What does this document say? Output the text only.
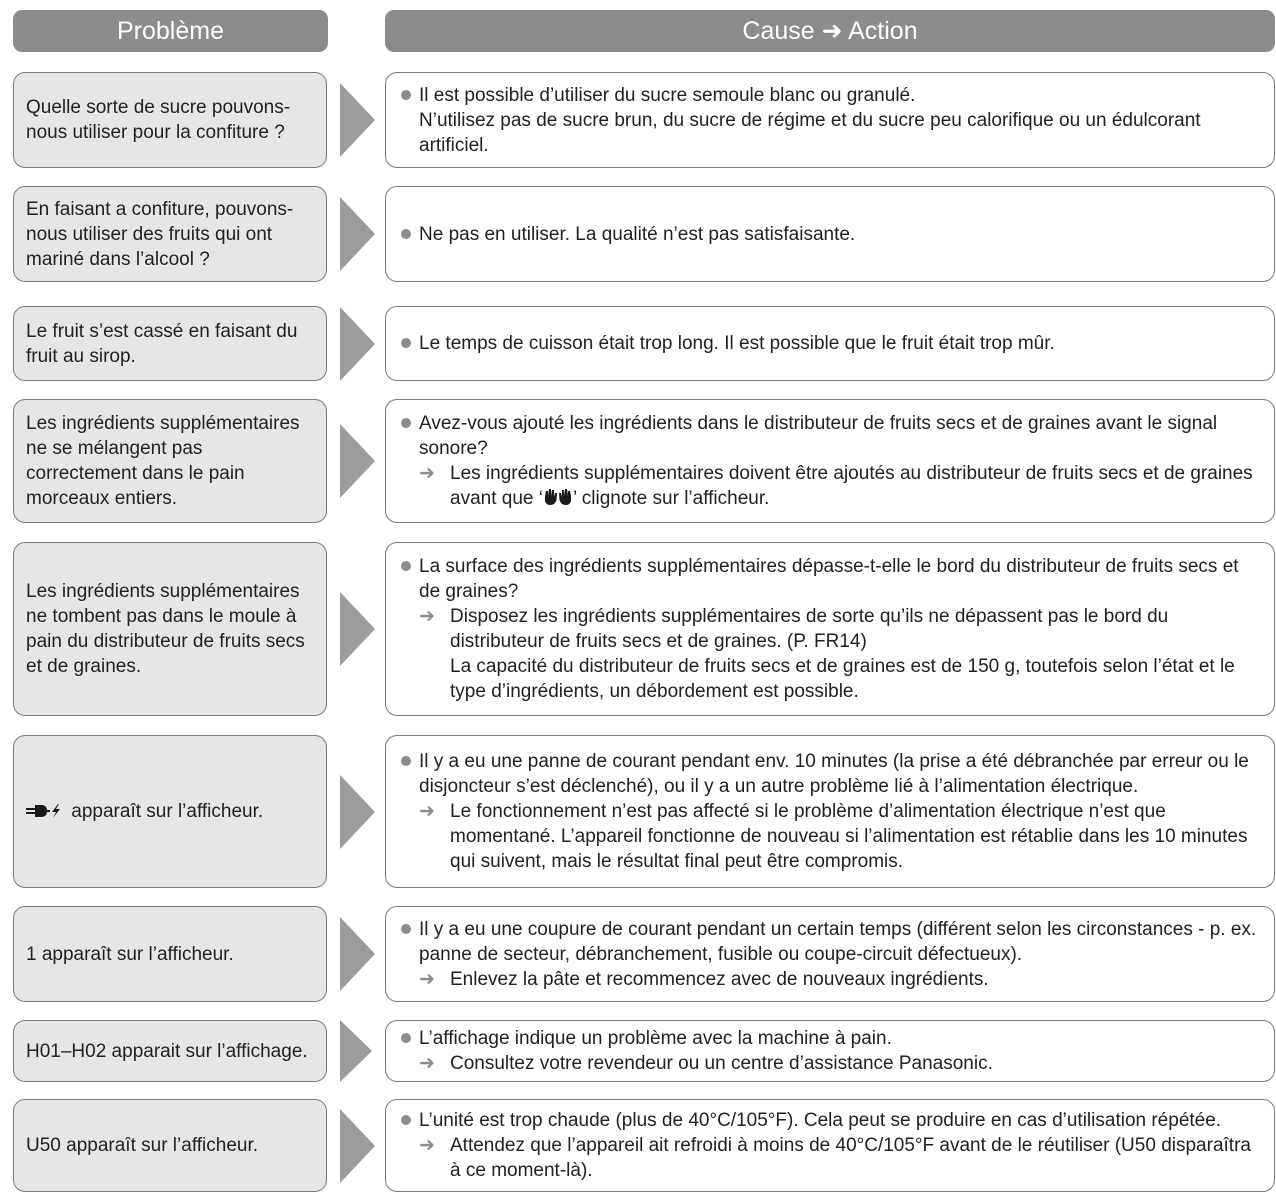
Problème	Cause ➜ Action
Quelle sorte de sucre pouvons-nous utiliser pour la confiture ?
Il est possible d’utiliser du sucre semoule blanc ou granulé.
N’utilisez pas de sucre brun, du sucre de régime et du sucre peu calorifique ou un édulcorant artificiel.
En faisant a confiture, pouvons-nous utiliser des fruits qui ont mariné dans l’alcool ?
Ne pas en utiliser. La qualité n’est pas satisfaisante.
Le fruit s’est cassé en faisant du fruit au sirop.
Le temps de cuisson était trop long. Il est possible que le fruit était trop mûr.
Les ingrédients supplémentaires ne se mélangent pas correctement dans le pain morceaux entiers.
Avez-vous ajouté les ingrédients dans le distributeur de fruits secs et de graines avant le signal sonore?
➜ Les ingrédients supplémentaires doivent être ajoutés au distributeur de fruits secs et de graines avant que ‘ ’ clignote sur l’afficheur.
Les ingrédients supplémentaires ne tombent pas dans le moule à pain du distributeur de fruits secs et de graines.
La surface des ingrédients supplémentaires dépasse-t-elle le bord du distributeur de fruits secs et de graines?
➜ Disposez les ingrédients supplémentaires de sorte qu’ils ne dépassent pas le bord du distributeur de fruits secs et de graines. (P. FR14)
La capacité du distributeur de fruits secs et de graines est de 150 g, toutefois selon l’état et le type d’ingrédients, un débordement est possible.
apparaît sur l’afficheur.
Il y a eu une panne de courant pendant env. 10 minutes (la prise a été débranchée par erreur ou le disjoncteur s’est déclenché), ou il y a un autre problème lié à l’alimentation électrique.
➜ Le fonctionnement n’est pas affecté si le problème d’alimentation électrique n’est que momentané. L’appareil fonctionne de nouveau si l’alimentation est rétablie dans les 10 minutes qui suivent, mais le résultat final peut être compromis.
1 apparaît sur l’afficheur.
Il y a eu une coupure de courant pendant un certain temps (différent selon les circonstances - p. ex. panne de secteur, débranchement, fusible ou coupe-circuit défectueux).
➜ Enlevez la pâte et recommencez avec de nouveaux ingrédients.
H01–H02 apparait sur l’affichage.
L’affichage indique un problème avec la machine à pain.
➜ Consultez votre revendeur ou un centre d’assistance Panasonic.
U50 apparaît sur l’afficheur.
L’unité est trop chaude (plus de 40°C/105°F). Cela peut se produire en cas d’utilisation répétée.
➜ Attendez que l’appareil ait refroidi à moins de 40°C/105°F avant de le réutiliser (U50 disparaîtra à ce moment-là).
